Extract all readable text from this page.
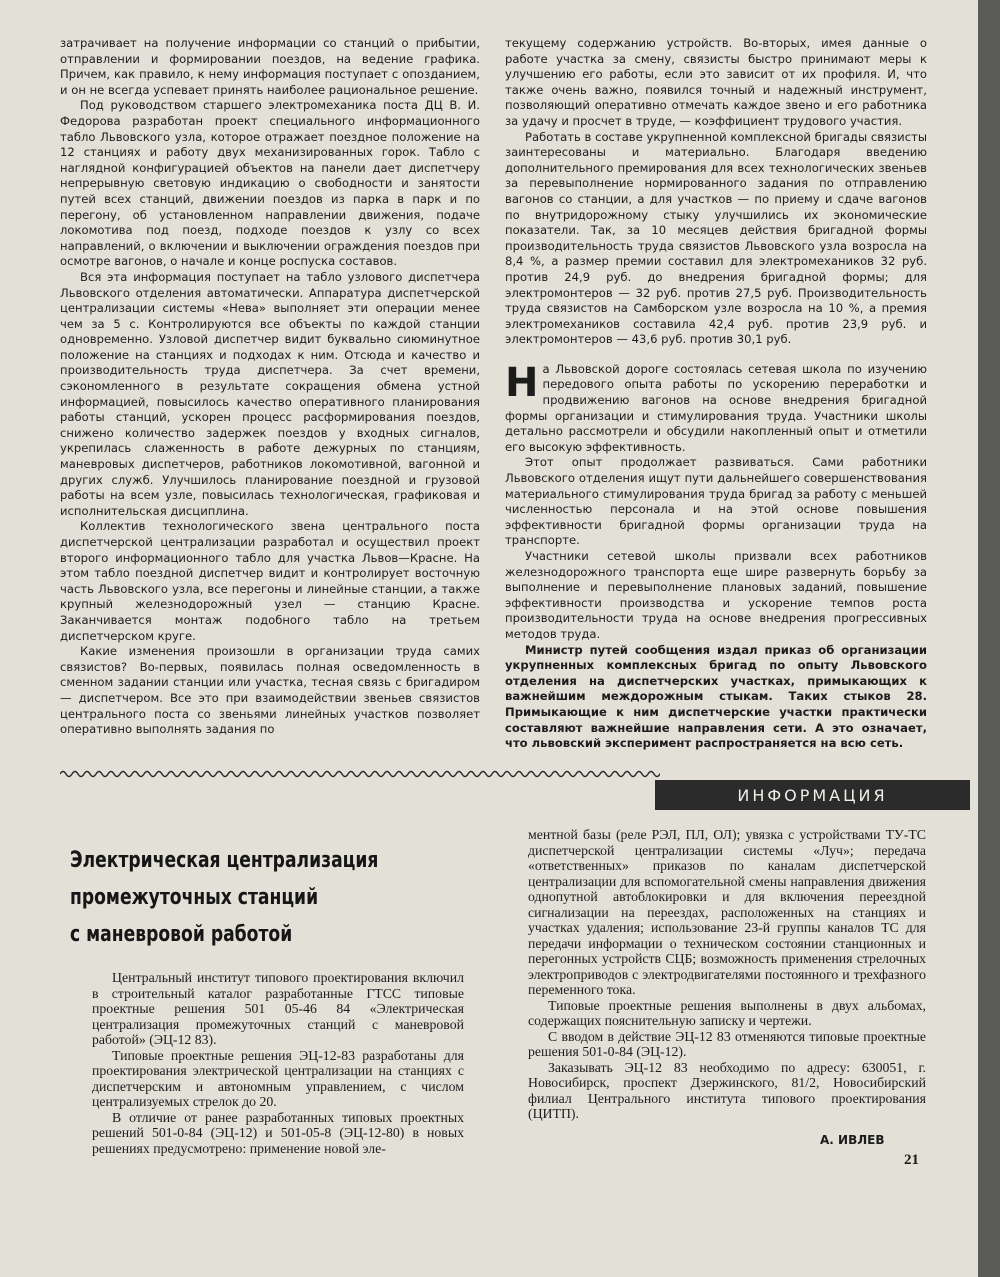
затрачивает на получение информации со станций о прибытии, отправлении и формировании поездов, на ведение графика. Причем, как правило, к нему информация поступает с опозданием, и он не всегда успевает принять наиболее рациональное решение.

Под руководством старшего электромеханика поста ДЦ В. И. Федорова разработан проект специального информационного табло Львовского узла, которое отражает поездное положение на 12 станциях и работу двух механизированных горок. Табло с наглядной конфигурацией объектов на панели дает диспетчеру непрерывную световую индикацию о свободности и занятости путей всех станций, движении поездов из парка в парк и по перегону, об установленном направлении движения, подаче локомотива под поезд, подходе поездов к узлу со всех направлений, о включении и выключении ограждения поездов при осмотре вагонов, о начале и конце роспуска составов.

Вся эта информация поступает на табло узлового диспетчера Львовского отделения автоматически. Аппаратура диспетчерской централизации системы «Нева» выполняет эти операции менее чем за 5 с. Контролируются все объекты по каждой станции одновременно. Узловой диспетчер видит буквально сиюминутное положение на станциях и подходах к ним. Отсюда и качество и производительность труда диспетчера. За счет времени, сэкономленного в результате сокращения обмена устной информацией, повысилось качество оперативного планирования работы станций, ускорен процесс расформирования поездов, снижено количество задержек поездов у входных сигналов, укрепилась слаженность в работе дежурных по станциям, маневровых диспетчеров, работников локомотивной, вагонной и других служб. Улучшилось планирование поездной и грузовой работы на всем узле, повысилась технологическая, графиковая и исполнительская дисциплина.

Коллектив технологического звена центрального поста диспетчерской централизации разработал и осуществил проект второго информационного табло для участка Львов—Красне. На этом табло поездной диспетчер видит и контролирует восточную часть Львовского узла, все перегоны и линейные станции, а также крупный железнодорожный узел — станцию Красне. Заканчивается монтаж подобного табло на третьем диспетчерском круге.

Какие изменения произошли в организации труда самих связистов? Во-первых, появилась полная осведомленность в сменном задании станции или участка, тесная связь с бригадиром — диспетчером. Все это при взаимодействии звеньев связистов центрального поста со звеньями линейных участков позволяет оперативно выполнять задания по

текущему содержанию устройств. Во-вторых, имея данные о работе участка за смену, связисты быстро принимают меры к улучшению его работы, если это зависит от их профиля. И, что также очень важно, появился точный и надежный инструмент, позволяющий оперативно отмечать каждое звено и его работника за удачу и просчет в труде, — коэффициент трудового участия.

Работать в составе укрупненной комплексной бригады связисты заинтересованы и материально. Благодаря введению дополнительного премирования для всех технологических звеньев за перевыполнение нормированного задания по отправлению вагонов со станции, а для участков — по приему и сдаче вагонов по внутридорожному стыку улучшились их экономические показатели. Так, за 10 месяцев действия бригадной формы производительность труда связистов Львовского узла возросла на 8,4 %, а размер премии составил для электромехаников 32 руб. против 24,9 руб. до внедрения бригадной формы; для электромонтеров — 32 руб. против 27,5 руб. Производительность труда связистов на Самборском узле возросла на 10 %, а премия электромехаников составила 42,4 руб. против 23,9 руб. и электромонтеров — 43,6 руб. против 30,1 руб.

На Львовской дороге состоялась сетевая школа по изучению передового опыта работы по ускорению переработки и продвижению вагонов на основе внедрения бригадной формы организации и стимулирования труда. Участники школы детально рассмотрели и обсудили накопленный опыт и отметили его высокую эффективность.

Этот опыт продолжает развиваться. Сами работники Львовского отделения ищут пути дальнейшего совершенствования материального стимулирования труда бригад за работу с меньшей численностью персонала и на этой основе повышения эффективности бригадной формы организации труда на транспорте.

Участники сетевой школы призвали всех работников железнодорожного транспорта еще шире развернуть борьбу за выполнение и перевыполнение плановых заданий, повышение эффективности производства и ускорение темпов роста производительности труда на основе внедрения прогрессивных методов труда.

Министр путей сообщения издал приказ об организации укрупненных комплексных бригад по опыту Львовского отделения на диспетчерских участках, примыкающих к важнейшим междорожным стыкам. Таких стыков 28. Примыкающие к ним диспетчерские участки практически составляют важнейшие направления сети. А это означает, что львовский эксперимент распространяется на всю сеть.

ИНФОРМАЦИЯ
Электрическая централизация
промежуточных станций
с маневровой работой

Центральный институт типового проектирования включил в строительный каталог разработанные ГТСС типовые проектные решения 501 05-46 84 «Электрическая централизация промежуточных станций с маневровой работой» (ЭЦ-12 83).

Типовые проектные решения ЭЦ-12-83 разработаны для проектирования электрической централизации на станциях с диспетчерским и автономным управлением, с числом централизуемых стрелок до 20.

В отличие от ранее разработанных типовых проектных решений 501-0-84 (ЭЦ-12) и 501-05-8 (ЭЦ-12-80) в новых решениях предусмотрено: применение новой эле-

ментной базы (реле РЭЛ, ПЛ, ОЛ); увязка с устройствами ТУ-ТС диспетчерской централизации системы «Луч»; передача «ответственных» приказов по каналам диспетчерской централизации для вспомогательной смены направления движения однопутной автоблокировки и для включения переездной сигнализации на переездах, расположенных на станциях и участках удаления; использование 23-й группы каналов ТС для передачи информации о техническом состоянии станционных и перегонных устройств СЦБ; возможность применения стрелочных электроприводов с электродвигателями постоянного и трехфазного переменного тока.

Типовые проектные решения выполнены в двух альбомах, содержащих пояснительную записку и чертежи.

С вводом в действие ЭЦ-12 83 отменяются типовые проектные решения 501-0-84 (ЭЦ-12).

Заказывать ЭЦ-12 83 необходимо по адресу: 630051, г. Новосибирск, проспект Дзержинского, 81/2, Новосибирский филиал Центрального института типового проектирования (ЦИТП).

А. ИВЛЕВ
21
